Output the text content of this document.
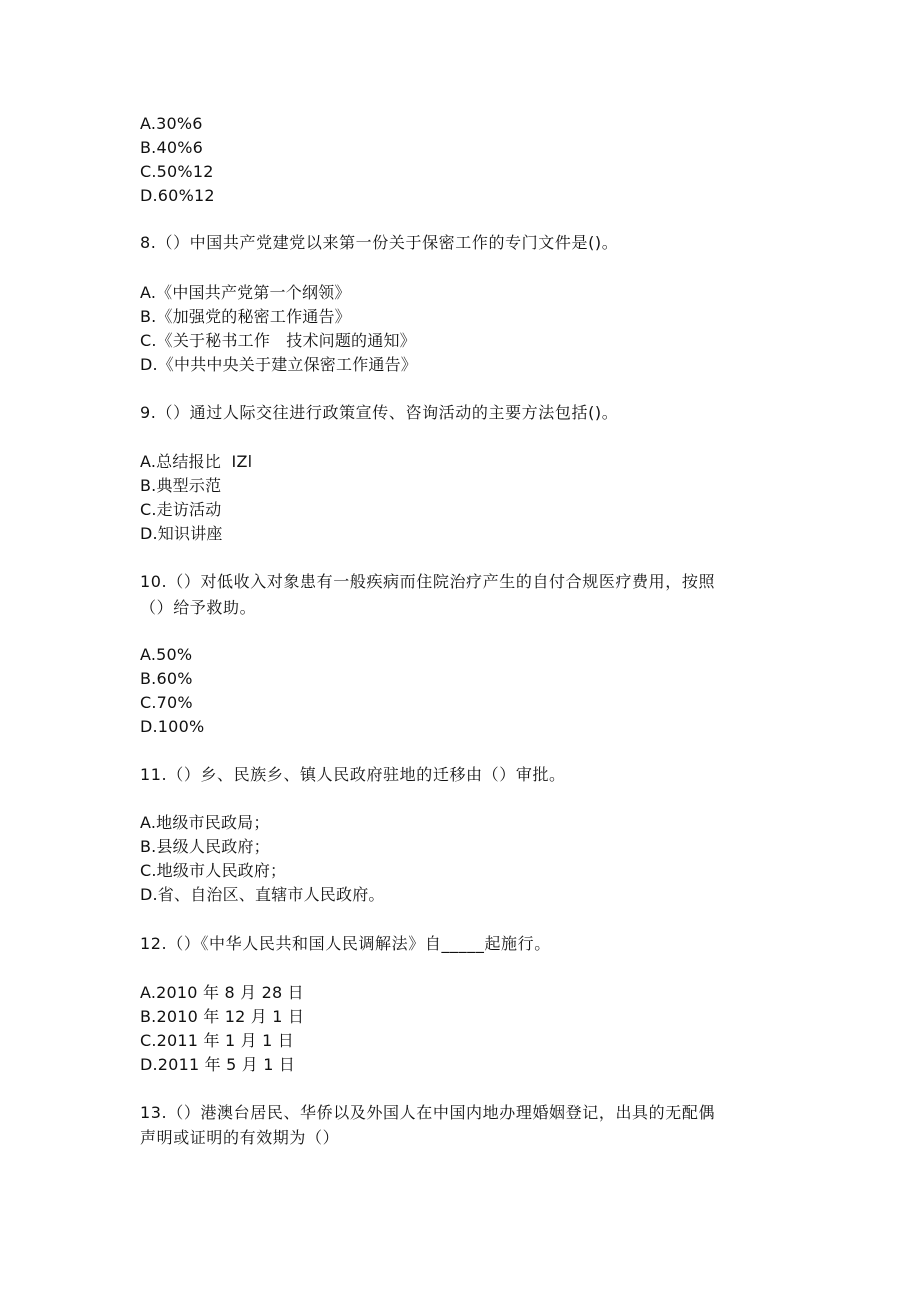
A.30%6
B.40%6
C.50%12
D.60%12
8.（）中国共产党建党以来第一份关于保密工作的专门文件是()。
A.《中国共产党第一个纲领》
B.《加强党的秘密工作通告》
C.《关于秘书工作　技术问题的通知》
D.《中共中央关于建立保密工作通告》
9.（）通过人际交往进行政策宣传、咨询活动的主要方法包括()。
A.总结报比  IZl
B.典型示范
C.走访活动
D.知识讲座
10.（）对低收入对象患有一般疾病而住院治疗产生的自付合规医疗费用，按照
（）给予救助。
A.50%
B.60%
C.70%
D.100%
11.（）乡、民族乡、镇人民政府驻地的迁移由（）审批。
A.地级市民政局；
B.县级人民政府；
C.地级市人民政府；
D.省、自治区、直辖市人民政府。
12.（）《中华人民共和国人民调解法》自_____起施行。
A.2010 年 8 月 28 日
B.2010 年 12 月 1 日
C.2011 年 1 月 1 日
D.2011 年 5 月 1 日
13.（）港澳台居民、华侨以及外国人在中国内地办理婚姻登记，出具的无配偶
声明或证明的有效期为（）
